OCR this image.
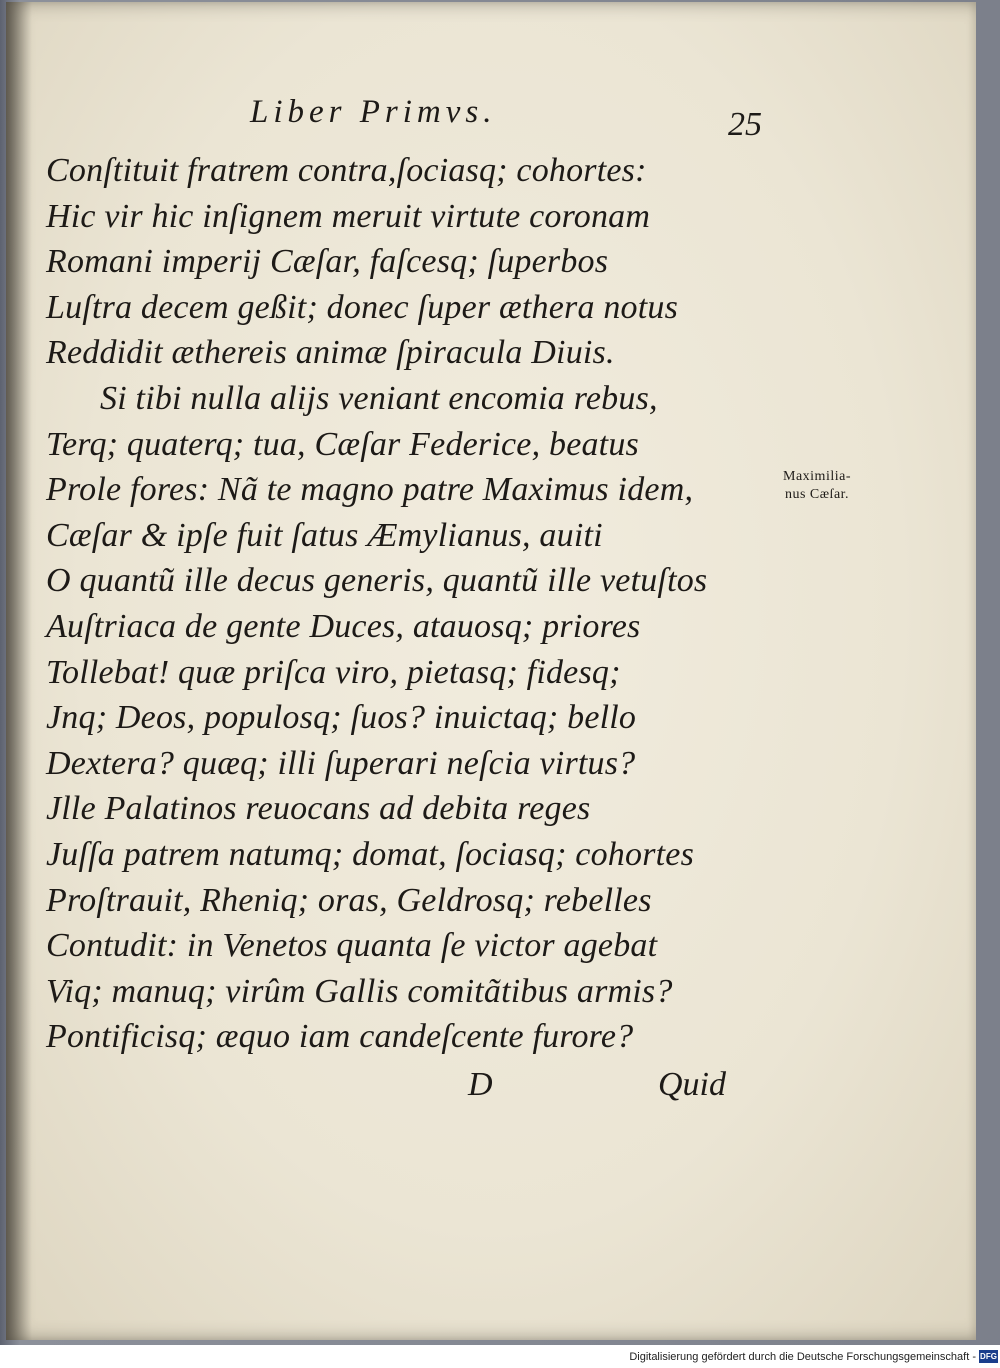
Liber Primvs.	25
Conſtituit fratrem contra,ſociasq; cohortes:
Hic vir hic inſignem meruit virtute coronam
Romani imperij Cæſar, faſcesq; ſuperbos
Luſtra decem geßit; donec ſuper æthera notus
Reddidit æthereis animæ ſpiracula Diuis.
Si tibi nulla alijs veniant encomia rebus,
Terq; quaterq; tua, Cæſar Federice, beatus
Prole fores: Nã te magno patre Maximus idem,
Cæſar & ipſe fuit ſatus Æmylianus, auiti
O quantũ ille decus generis, quantũ ille vetuſtos
Auſtriaca de gente Duces, atauosq; priores
Tollebat! quæ priſca viro, pietasq; fidesq;
Jnq; Deos, populosq; ſuos? inuictaq; bello
Dextera? quæq; illi ſuperari neſcia virtus?
Jlle Palatinos reuocans ad debita reges
Juſſa patrem natumq; domat, ſociasq; cohortes
Proſtrauit, Rheniq; oras, Geldrosq; rebelles
Contudit: in Venetos quanta ſe victor agebat
Viq; manuq; virûm Gallis comitãtibus armis?
Pontificisq; æquo iam candeſcente furore?
Maximilia-
nus Cæſar.
D	Quid
Digitalisierung gefördert durch die Deutsche Forschungsgemeinschaft - DFG
